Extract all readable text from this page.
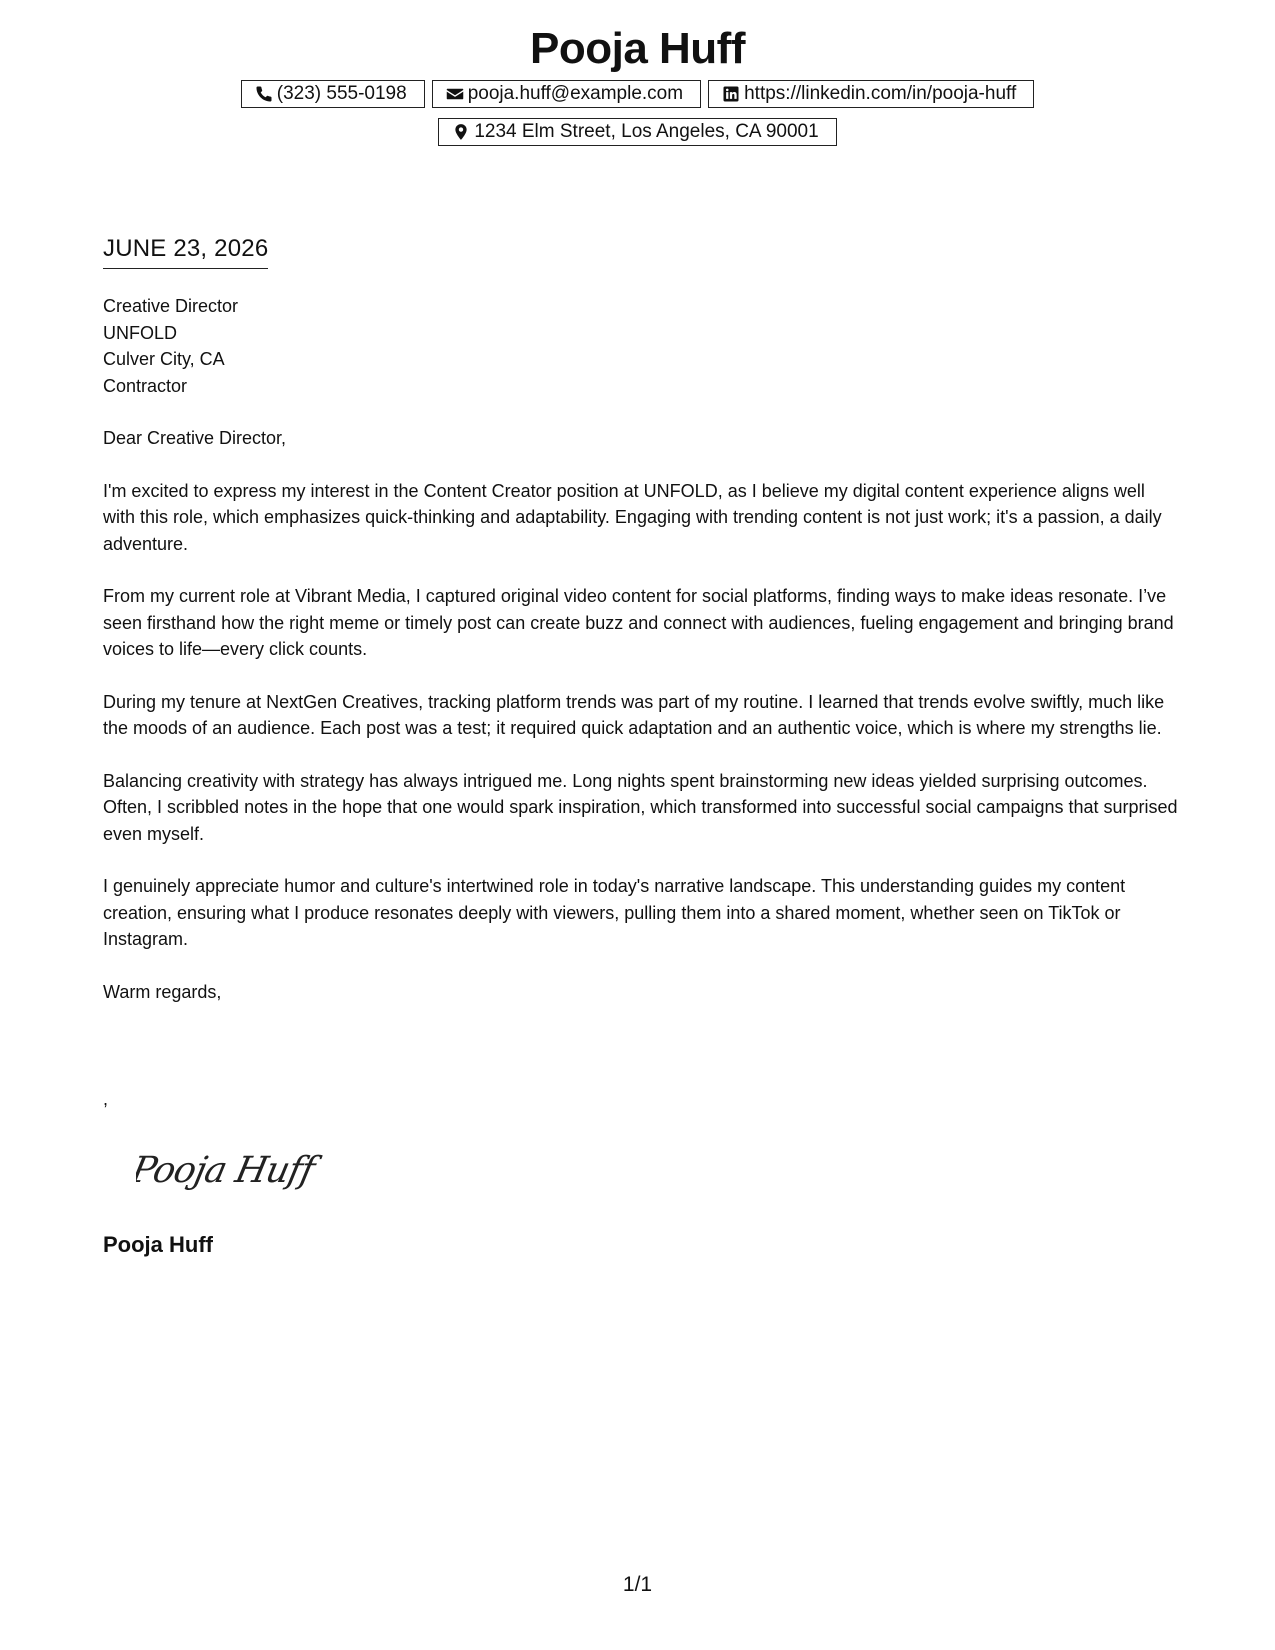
Pooja Huff
(323) 555-0198	pooja.huff@example.com	https://linkedin.com/in/pooja-huff
1234 Elm Street, Los Angeles, CA 90001
JUNE 23, 2026
Creative Director
UNFOLD
Culver City, CA
Contractor

Dear Creative Director,

I'm excited to express my interest in the Content Creator position at UNFOLD, as I believe my digital content experience aligns well with this role, which emphasizes quick-thinking and adaptability. Engaging with trending content is not just work; it's a passion, a daily adventure.

From my current role at Vibrant Media, I captured original video content for social platforms, finding ways to make ideas resonate. I’ve seen firsthand how the right meme or timely post can create buzz and connect with audiences, fueling engagement and bringing brand voices to life—every click counts.

During my tenure at NextGen Creatives, tracking platform trends was part of my routine. I learned that trends evolve swiftly, much like the moods of an audience. Each post was a test; it required quick adaptation and an authentic voice, which is where my strengths lie.

Balancing creativity with strategy has always intrigued me. Long nights spent brainstorming new ideas yielded surprising outcomes. Often, I scribbled notes in the hope that one would spark inspiration, which transformed into successful social campaigns that surprised even myself.

I genuinely appreciate humor and culture's intertwined role in today's narrative landscape. This understanding guides my content creation, ensuring what I produce resonates deeply with viewers, pulling them into a shared moment, whether seen on TikTok or Instagram.

Warm regards,

,
Pooja Huff
Pooja Huff
1/1
